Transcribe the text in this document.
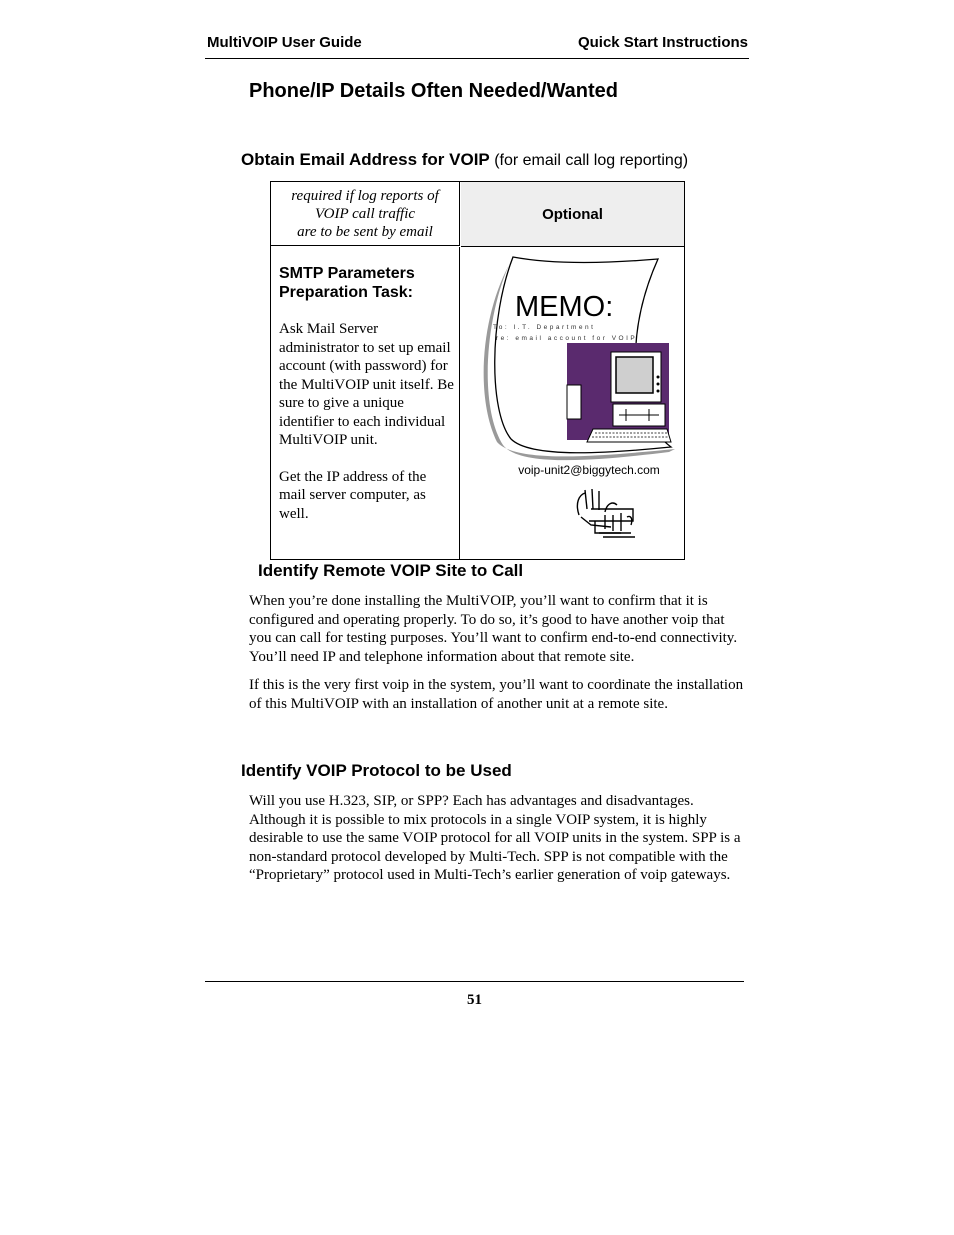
MultiVOIP User Guide	Quick Start Instructions
Phone/IP Details Often Needed/Wanted
Obtain Email Address for VOIP (for email call log reporting)
required if log reports of
VOIP call traffic
are to be sent by email
Optional
SMTP Parameters
Preparation Task:
Ask Mail Server administrator to set up email account (with password) for the MultiVOIP unit itself. Be sure to give a unique identifier to each individual MultiVOIP unit.
Get the IP address of the mail server computer, as well.
MEMO:
To: I.T. Department
re: email account for VOIP
voip-unit2@biggytech.com
Identify Remote VOIP Site to Call
When you’re done installing the MultiVOIP, you’ll want to confirm that it is configured and operating properly. To do so, it’s good to have another voip that you can call for testing purposes. You’ll want to confirm end-to-end connectivity. You’ll need IP and telephone information about that remote site.
If this is the very first voip in the system, you’ll want to coordinate the installation of this MultiVOIP with an installation of another unit at a remote site.
Identify VOIP Protocol to be Used
Will you use H.323, SIP, or SPP? Each has advantages and disadvantages. Although it is possible to mix protocols in a single VOIP system, it is highly desirable to use the same VOIP protocol for all VOIP units in the system. SPP is a non-standard protocol developed by Multi-Tech. SPP is not compatible with the “Proprietary” protocol used in Multi-Tech’s earlier generation of voip gateways.
51
